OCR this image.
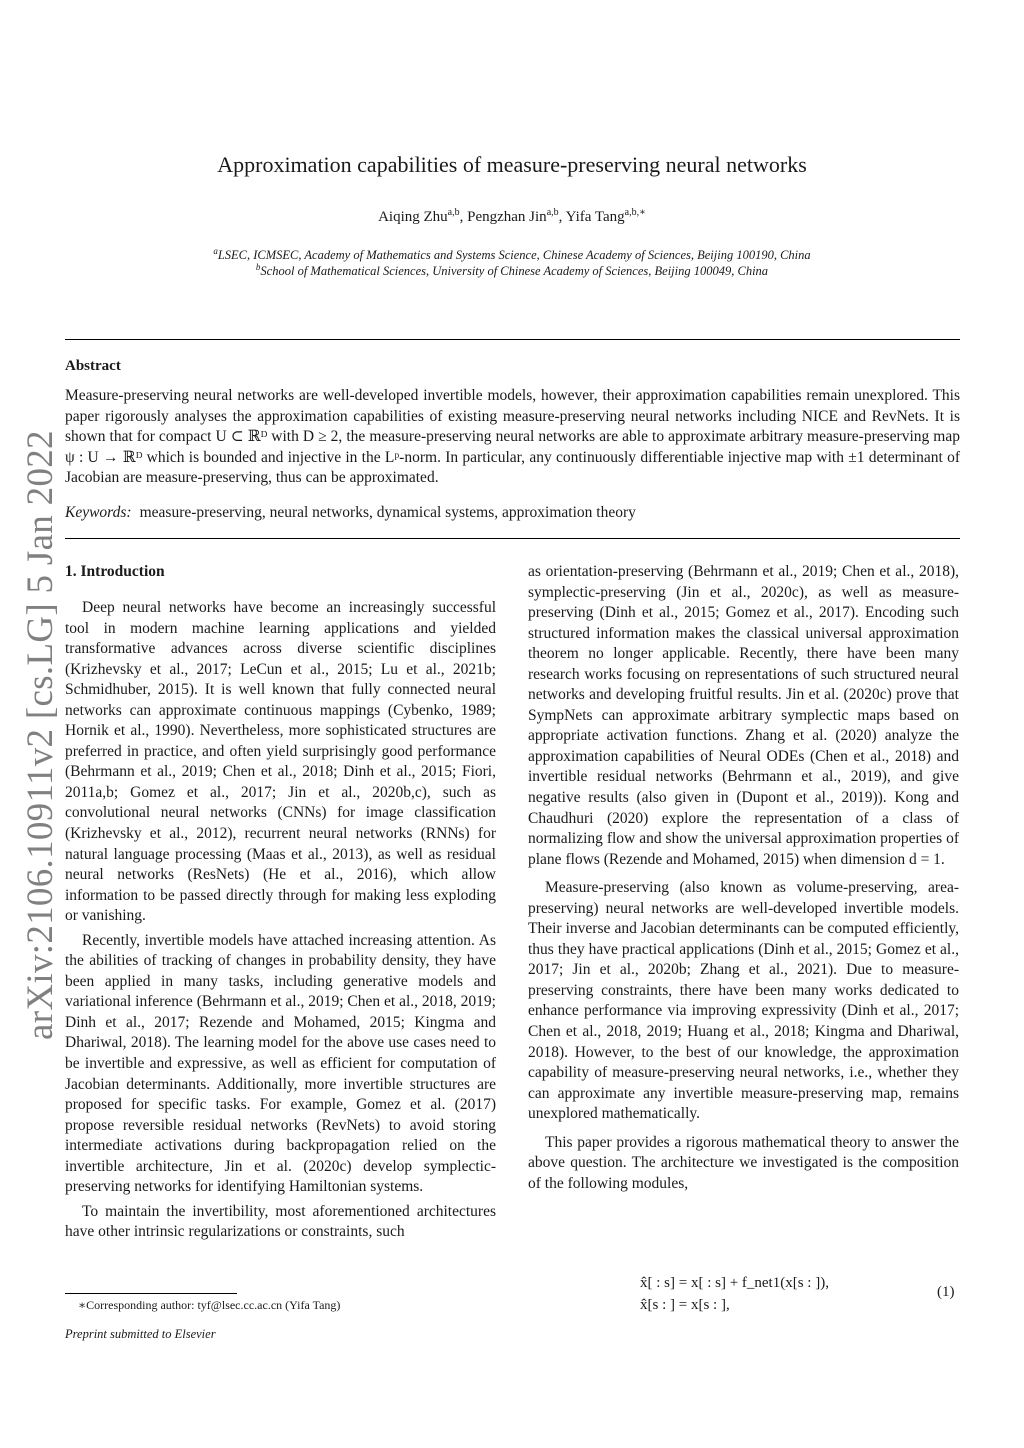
arXiv:2106.10911v2 [cs.LG] 5 Jan 2022
Approximation capabilities of measure-preserving neural networks
Aiqing Zhu$^{a,b}$, Pengzhan Jin$^{a,b}$, Yifa Tang$^{a,b,∗}$
$^a$LSEC, ICMSEC, Academy of Mathematics and Systems Science, Chinese Academy of Sciences, Beijing 100190, China
$^b$School of Mathematical Sciences, University of Chinese Academy of Sciences, Beijing 100049, China
Abstract
Measure-preserving neural networks are well-developed invertible models, however, their approximation capabilities remain unexplored. This paper rigorously analyses the approximation capabilities of existing measure-preserving neural networks including NICE and RevNets. It is shown that for compact U ⊂ ℝᴰ with D ≥ 2, the measure-preserving neural networks are able to approximate arbitrary measure-preserving map ψ : U → ℝᴰ which is bounded and injective in the Lᵖ-norm. In particular, any continuously differentiable injective map with ±1 determinant of Jacobian are measure-preserving, thus can be approximated.
Keywords: measure-preserving, neural networks, dynamical systems, approximation theory
1. Introduction

Deep neural networks have become an increasingly successful tool in modern machine learning applications and yielded transformative advances across diverse scientific disciplines (Krizhevsky et al., 2017; LeCun et al., 2015; Lu et al., 2021b; Schmidhuber, 2015). It is well known that fully connected neural networks can approximate continuous mappings (Cybenko, 1989; Hornik et al., 1990). Nevertheless, more sophisticated structures are preferred in practice, and often yield surprisingly good performance (Behrmann et al., 2019; Chen et al., 2018; Dinh et al., 2015; Fiori, 2011a,b; Gomez et al., 2017; Jin et al., 2020b,c), such as convolutional neural networks (CNNs) for image classification (Krizhevsky et al., 2012), recurrent neural networks (RNNs) for natural language processing (Maas et al., 2013), as well as residual neural networks (ResNets) (He et al., 2016), which allow information to be passed directly through for making less exploding or vanishing.

Recently, invertible models have attached increasing attention. As the abilities of tracking of changes in probability density, they have been applied in many tasks, including generative models and variational inference (Behrmann et al., 2019; Chen et al., 2018, 2019; Dinh et al., 2017; Rezende and Mohamed, 2015; Kingma and Dhariwal, 2018). The learning model for the above use cases need to be invertible and expressive, as well as efficient for computation of Jacobian determinants. Additionally, more invertible structures are proposed for specific tasks. For example, Gomez et al. (2017) propose reversible residual networks (RevNets) to avoid storing intermediate activations during backpropagation relied on the invertible architecture, Jin et al. (2020c) develop symplectic-preserving networks for identifying Hamiltonian systems.

To maintain the invertibility, most aforementioned architectures have other intrinsic regularizations or constraints, such

as orientation-preserving (Behrmann et al., 2019; Chen et al., 2018), symplectic-preserving (Jin et al., 2020c), as well as measure-preserving (Dinh et al., 2015; Gomez et al., 2017). Encoding such structured information makes the classical universal approximation theorem no longer applicable. Recently, there have been many research works focusing on representations of such structured neural networks and developing fruitful results. Jin et al. (2020c) prove that SympNets can approximate arbitrary symplectic maps based on appropriate activation functions. Zhang et al. (2020) analyze the approximation capabilities of Neural ODEs (Chen et al., 2018) and invertible residual networks (Behrmann et al., 2019), and give negative results (also given in (Dupont et al., 2019)). Kong and Chaudhuri (2020) explore the representation of a class of normalizing flow and show the universal approximation properties of plane flows (Rezende and Mohamed, 2015) when dimension d = 1.

Measure-preserving (also known as volume-preserving, area-preserving) neural networks are well-developed invertible models. Their inverse and Jacobian determinants can be computed efficiently, thus they have practical applications (Dinh et al., 2015; Gomez et al., 2017; Jin et al., 2020b; Zhang et al., 2021). Due to measure-preserving constraints, there have been many works dedicated to enhance performance via improving expressivity (Dinh et al., 2017; Chen et al., 2018, 2019; Huang et al., 2018; Kingma and Dhariwal, 2018). However, to the best of our knowledge, the approximation capability of measure-preserving neural networks, i.e., whether they can approximate any invertible measure-preserving map, remains unexplored mathematically.

This paper provides a rigorous mathematical theory to answer the above question. The architecture we investigated is the composition of the following modules,

x̂[ : s] = x[ : s] + f_net1(x[s : ]),
x̂[s : ] = x[s : ],
(1)
∗Corresponding author: tyf@lsec.cc.ac.cn (Yifa Tang)
Preprint submitted to Elsevier
